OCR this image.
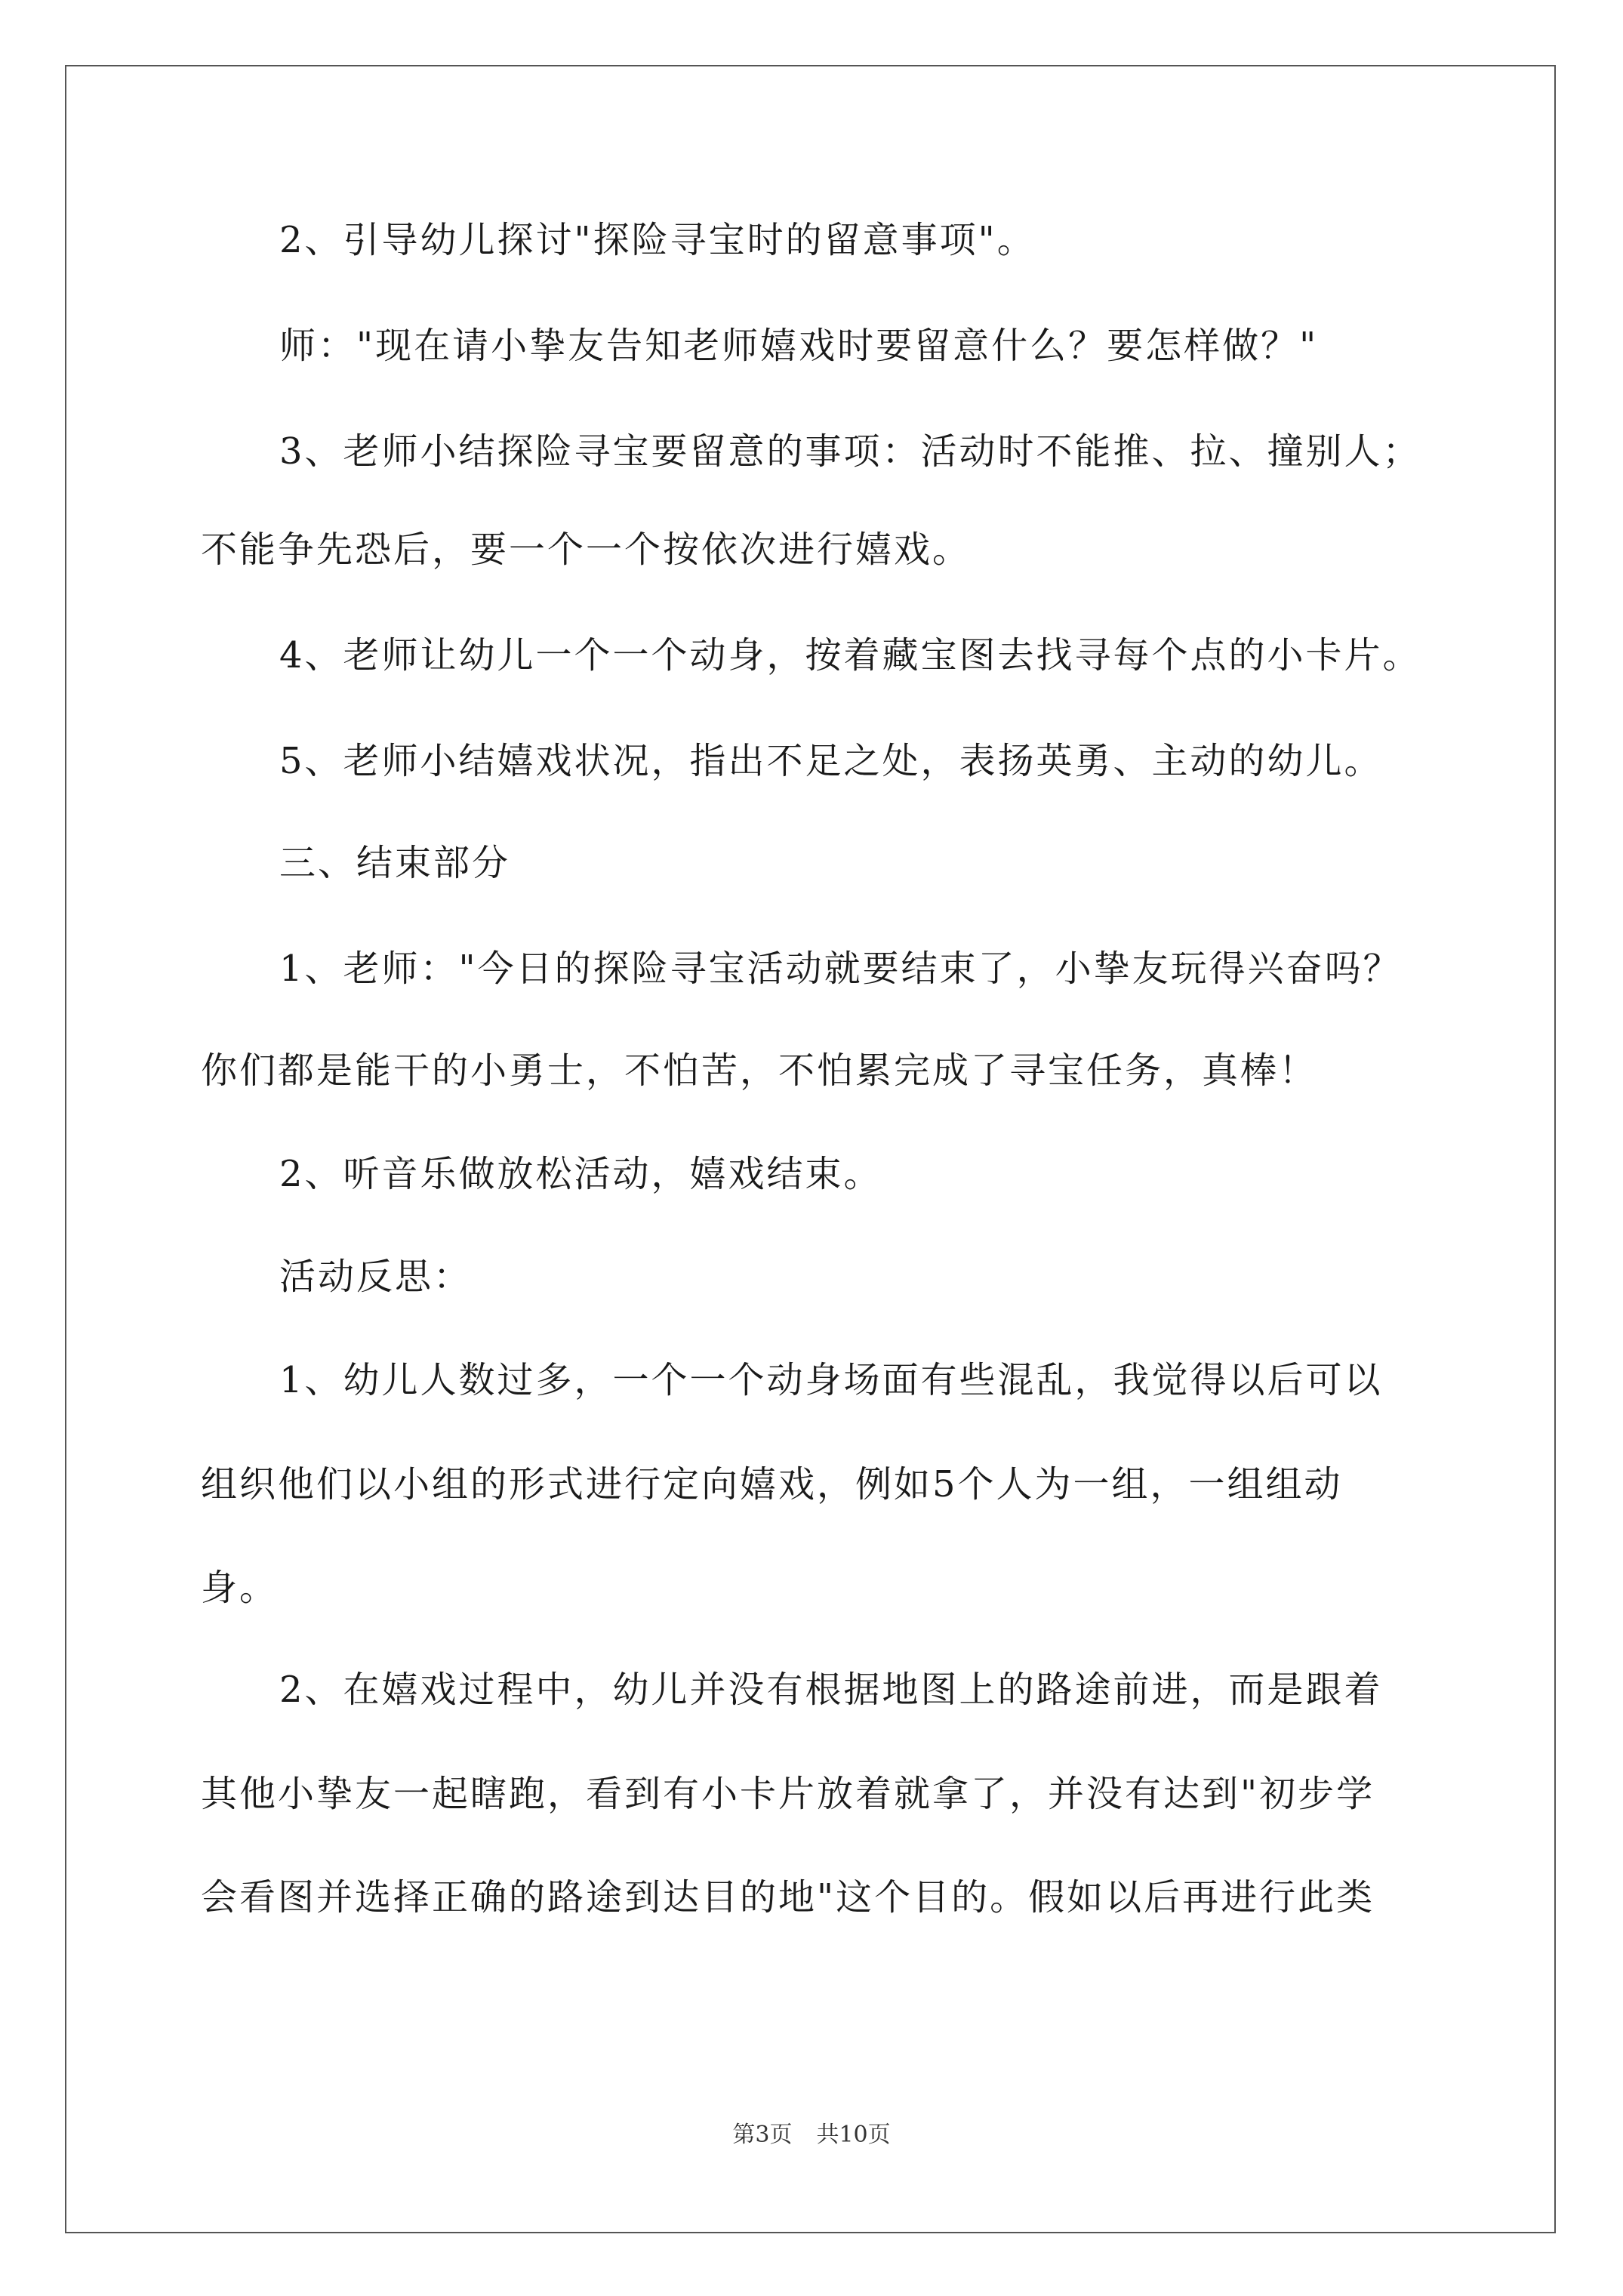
2、引导幼儿探讨"探险寻宝时的留意事项"。
师："现在请小挚友告知老师嬉戏时要留意什么？要怎样做？"
3、老师小结探险寻宝要留意的事项：活动时不能推、拉、撞别人；
不能争先恐后，要一个一个按依次进行嬉戏。
4、老师让幼儿一个一个动身，按着藏宝图去找寻每个点的小卡片。
5、老师小结嬉戏状况，指出不足之处，表扬英勇、主动的幼儿。
三、结束部分
1、老师："今日的探险寻宝活动就要结束了，小挚友玩得兴奋吗？
你们都是能干的小勇士，不怕苦，不怕累完成了寻宝任务，真棒！
2、听音乐做放松活动，嬉戏结束。
活动反思：
1、幼儿人数过多，一个一个动身场面有些混乱，我觉得以后可以
组织他们以小组的形式进行定向嬉戏，例如5个人为一组，一组组动
身。
2、在嬉戏过程中，幼儿并没有根据地图上的路途前进，而是跟着
其他小挚友一起瞎跑，看到有小卡片放着就拿了，并没有达到"初步学
会看图并选择正确的路途到达目的地"这个目的。假如以后再进行此类
第3页 共10页
